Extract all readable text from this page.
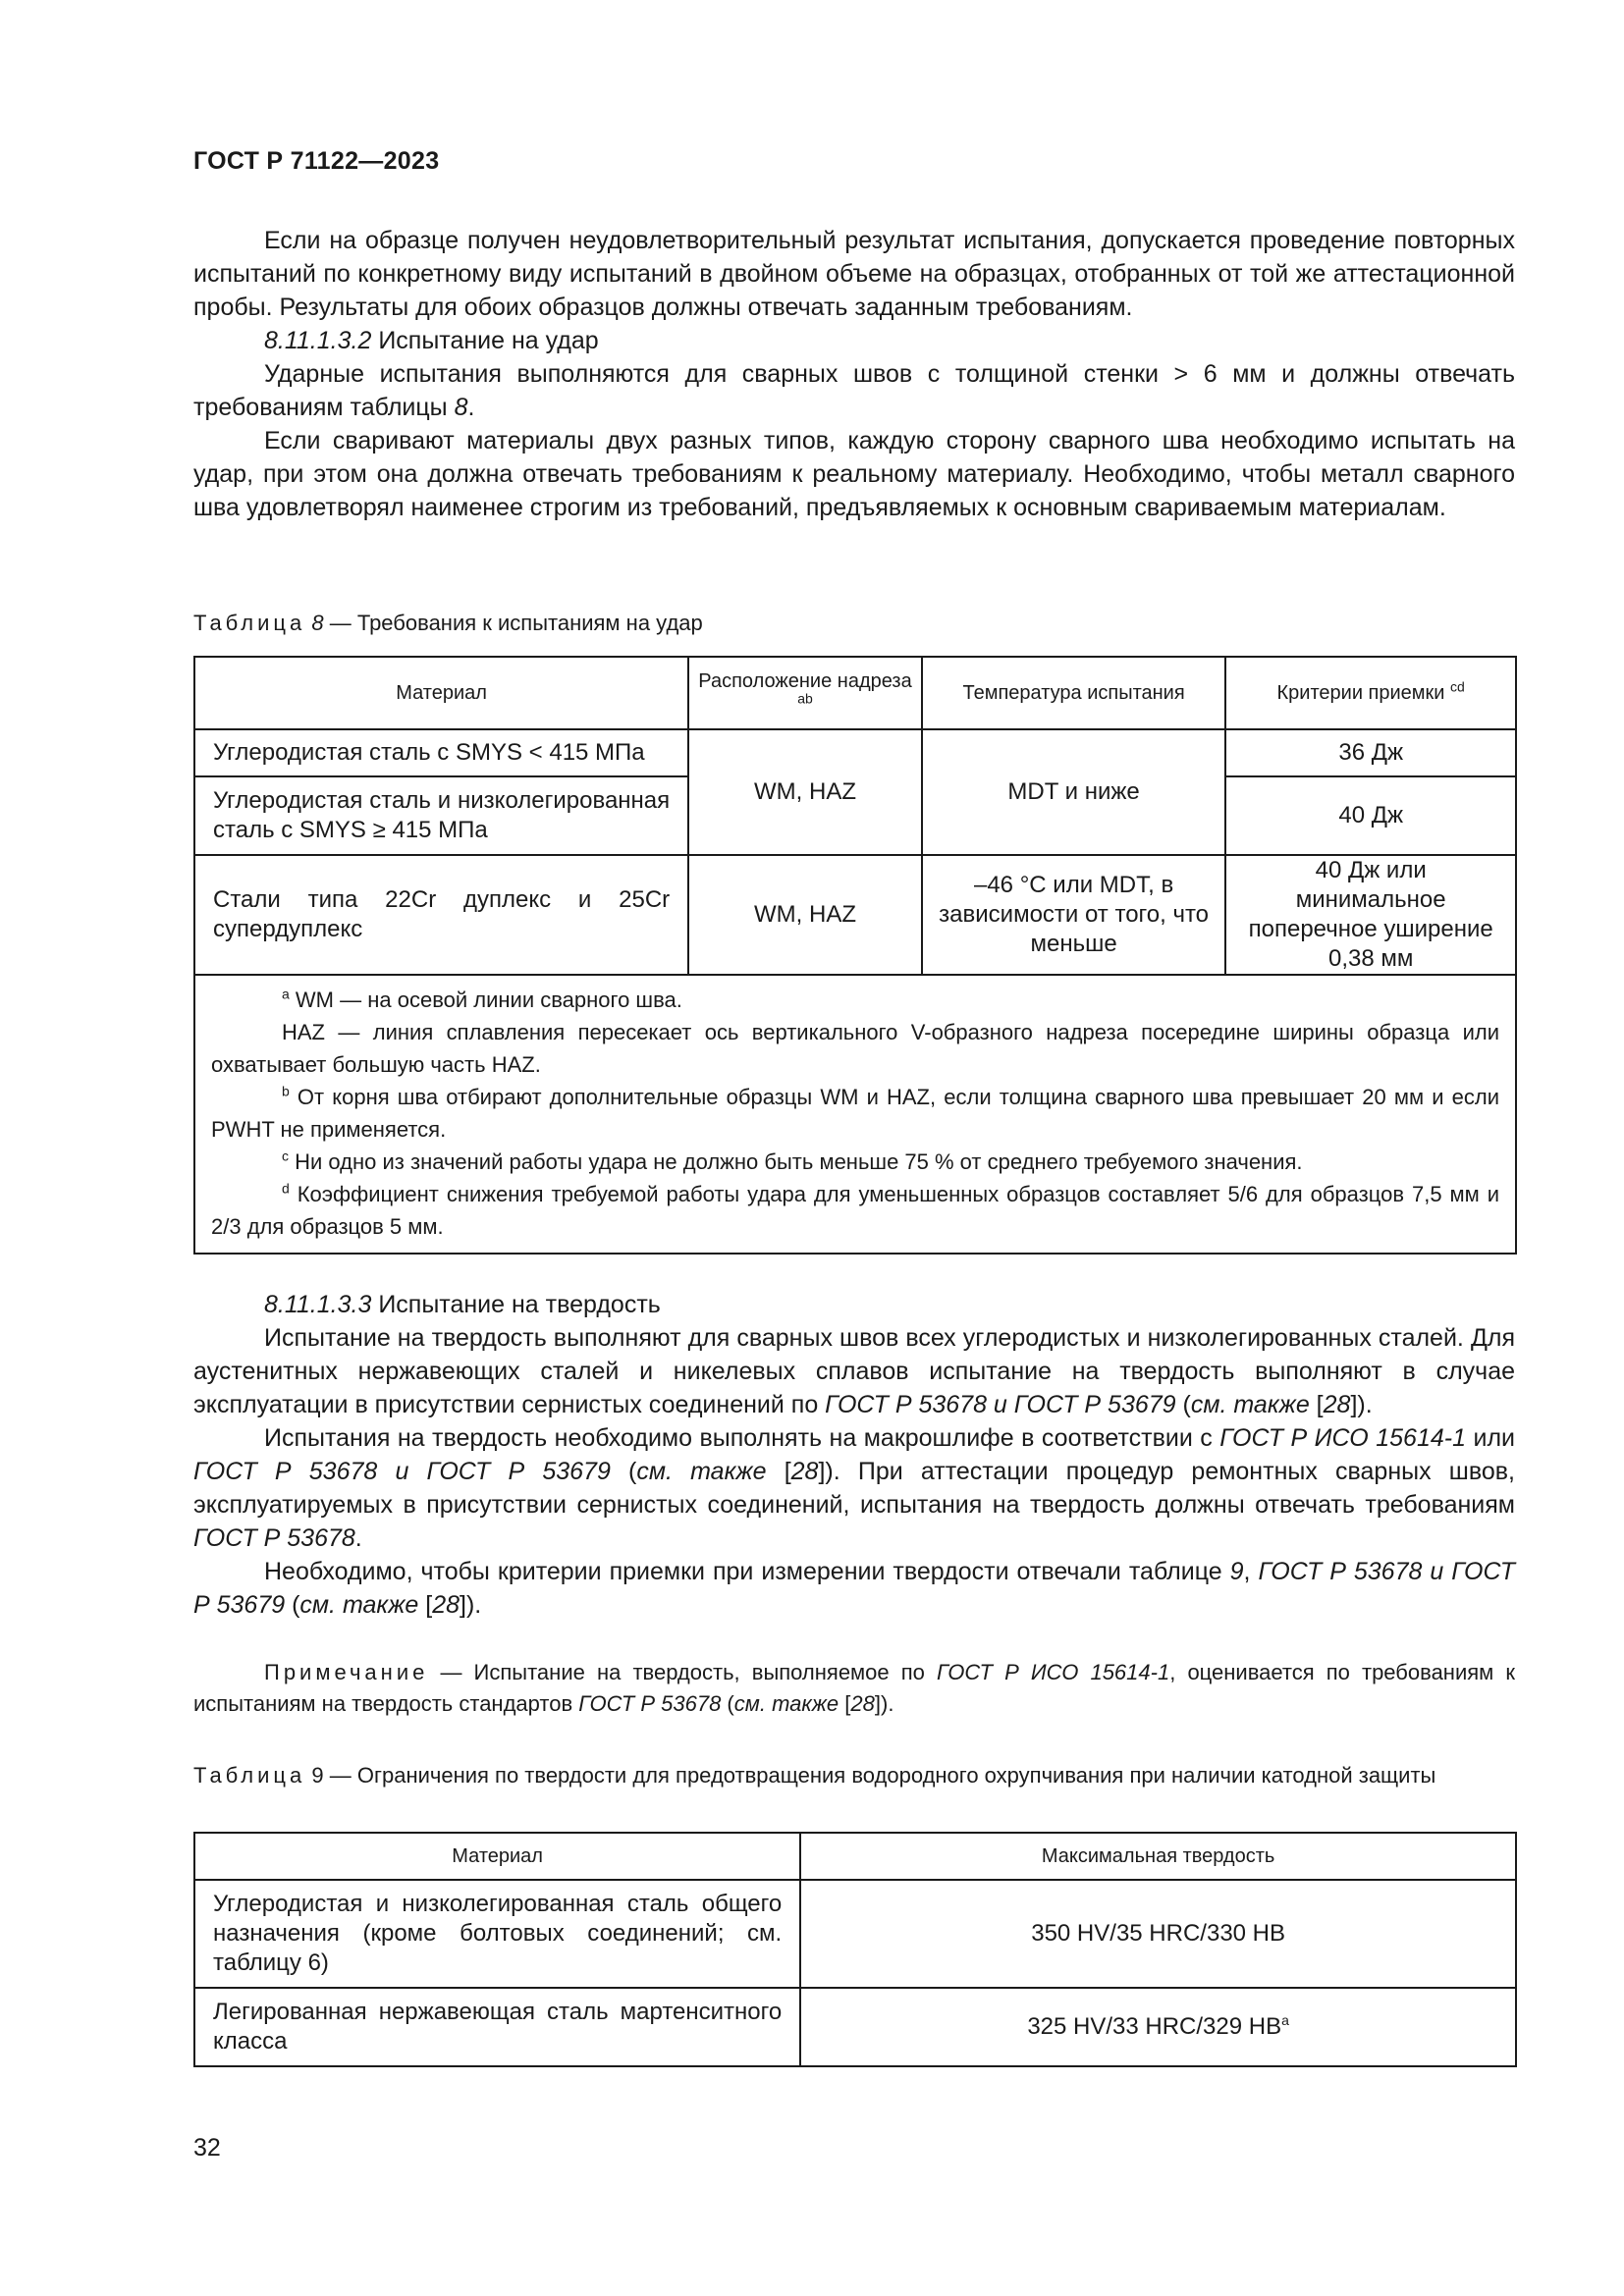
ГОСТ Р 71122—2023

Если на образце получен неудовлетворительный результат испытания, допускается проведение повторных испытаний по конкретному виду испытаний в двойном объеме на образцах, отобранных от той же аттестационной пробы. Результаты для обоих образцов должны отвечать заданным требованиям.

8.11.1.3.2 Испытание на удар

Ударные испытания выполняются для сварных швов с толщиной стенки > 6 мм и должны отвечать требованиям таблицы 8.

Если сваривают материалы двух разных типов, каждую сторону сварного шва необходимо испытать на удар, при этом она должна отвечать требованиям к реальному материалу. Необходимо, чтобы металл сварного шва удовлетворял наименее строгим из требований, предъявляемых к основным свариваемым материалам.

Таблица 8 — Требования к испытаниям на удар

Материал	Расположение надреза $^{ab}$	Температура испытания	Критерии приемки $^{cd}$
Углеродистая сталь с SMYS < 415 МПа	WM, HAZ	MDT и ниже	36 Дж
Углеродистая сталь и низколегированная сталь с SMYS ≥ 415 МПа			40 Дж
Стали типа 22Cr дуплекс и 25Cr супердуплекс	WM, HAZ	–46 °С или MDT, в зависимости от того, что меньше	40 Дж или минимальное поперечное уширение 0,38 мм

$^a$ WM — на осевой линии сварного шва.

HAZ — линия сплавления пересекает ось вертикального V-образного надреза посередине ширины образца или охватывает большую часть HAZ.

$^b$ От корня шва отбирают дополнительные образцы WM и HAZ, если толщина сварного шва превышает 20 мм и если PWHT не применяется.

$^c$ Ни одно из значений работы удара не должно быть меньше 75 % от среднего требуемого значения.

$^d$ Коэффициент снижения требуемой работы удара для уменьшенных образцов составляет 5/6 для образцов 7,5 мм и 2/3 для образцов 5 мм.			

8.11.1.3.3 Испытание на твердость

Испытание на твердость выполняют для сварных швов всех углеродистых и низколегированных сталей. Для аустенитных нержавеющих сталей и никелевых сплавов испытание на твердость выполняют в случае эксплуатации в присутствии сернистых соединений по ГОСТ Р 53678 и ГОСТ Р 53679 (см. также [28]).

Испытания на твердость необходимо выполнять на макрошлифе в соответствии с ГОСТ Р ИСО 15614-1 или ГОСТ Р 53678 и ГОСТ Р 53679 (см. также [28]). При аттестации процедур ремонтных сварных швов, эксплуатируемых в присутствии сернистых соединений, испытания на твердость должны отвечать требованиям ГОСТ Р 53678.

Необходимо, чтобы критерии приемки при измерении твердости отвечали таблице 9, ГОСТ Р 53678 и ГОСТ Р 53679 (см. также [28]).

Примечание — Испытание на твердость, выполняемое по ГОСТ Р ИСО 15614-1, оценивается по требованиям к испытаниям на твердость стандартов ГОСТ Р 53678 (см. также [28]).

Таблица 9 — Ограничения по твердости для предотвращения водородного охрупчивания при наличии катодной защиты

Материал	Максимальная твердость
Углеродистая и низколегированная сталь общего назначения (кроме болтовых соединений; см. таблицу 6)	350 HV/35 HRC/330 HB
Легированная нержавеющая сталь мартенситного класса	325 HV/33 HRC/329 $HB^a$
32
